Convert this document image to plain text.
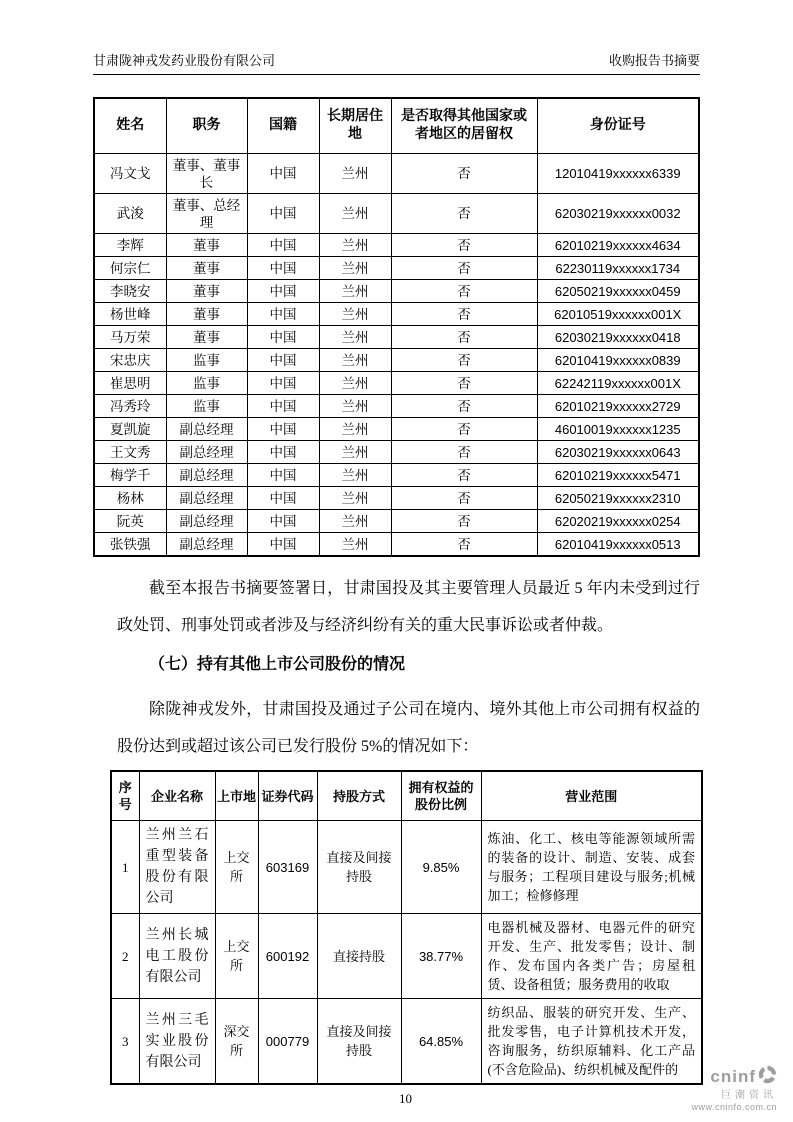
甘肃陇神戎发药业股份有限公司	收购报告书摘要
姓名	职务	国籍	长期居住地	是否取得其他国家或者地区的居留权	身份证号
冯文戈	董事、董事长	中国	兰州	否	12010419xxxxxx6339
武浚	董事、总经理	中国	兰州	否	62030219xxxxxx0032
李辉	董事	中国	兰州	否	62010219xxxxxx4634
何宗仁	董事	中国	兰州	否	62230119xxxxxx1734
李晓安	董事	中国	兰州	否	62050219xxxxxx0459
杨世峰	董事	中国	兰州	否	62010519xxxxxx001X
马万荣	董事	中国	兰州	否	62030219xxxxxx0418
宋忠庆	监事	中国	兰州	否	62010419xxxxxx0839
崔思明	监事	中国	兰州	否	62242119xxxxxx001X
冯秀玲	监事	中国	兰州	否	62010219xxxxxx2729
夏凯旋	副总经理	中国	兰州	否	46010019xxxxxx1235
王文秀	副总经理	中国	兰州	否	62030219xxxxxx0643
梅学千	副总经理	中国	兰州	否	62010219xxxxxx5471
杨林	副总经理	中国	兰州	否	62050219xxxxxx2310
阮英	副总经理	中国	兰州	否	62020219xxxxxx0254
张铁强	副总经理	中国	兰州	否	62010419xxxxxx0513

截至本报告书摘要签署日，甘肃国投及其主要管理人员最近 5 年内未受到过行政处罚、刑事处罚或者涉及与经济纠纷有关的重大民事诉讼或者仲裁。

（七）持有其他上市公司股份的情况

除陇神戎发外，甘肃国投及通过子公司在境内、境外其他上市公司拥有权益的股份达到或超过该公司已发行股份 5%的情况如下：

序号	企业名称	上市地	证券代码	持股方式	拥有权益的股份比例	营业范围
1	兰州兰石重型装备股份有限公司	上交所	603169	直接及间接持股	9.85%	炼油、化工、核电等能源领域所需的装备的设计、制造、安装、成套与服务；工程项目建设与服务;机械加工；检修修理
2	兰州长城电工股份有限公司	上交所	600192	直接持股	38.77%	电器机械及器材、电器元件的研究开发、生产、批发零售；设计、制作、发布国内各类广告；房屋租赁、设备租赁；服务费用的收取
3	兰州三毛实业股份有限公司	深交所	000779	直接及间接持股	64.85%	纺织品、服装的研究开发、生产、批发零售，电子计算机技术开发，咨询服务，纺织原辅料、化工产品(不含危险品)、纺织机械及配件的
10
cninf
巨潮资讯
www.cninfo.com.cn
